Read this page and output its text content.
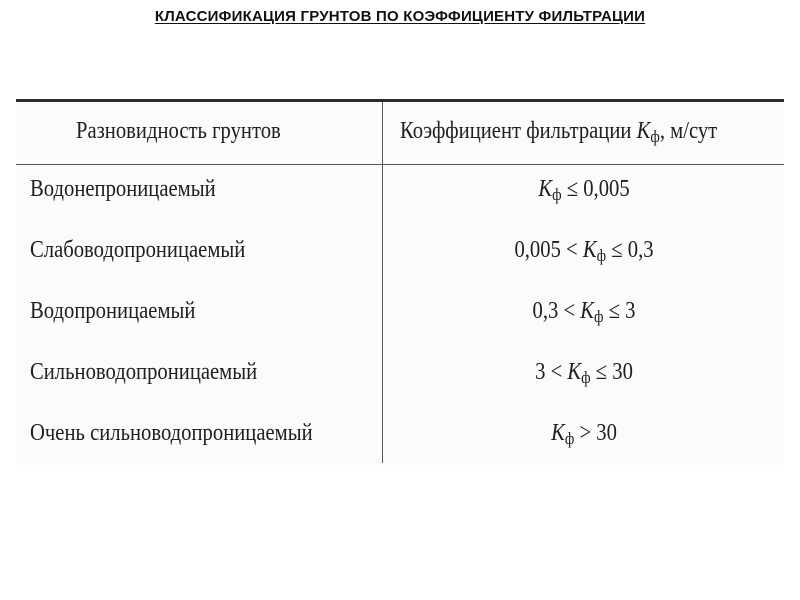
КЛАССИФИКАЦИЯ ГРУНТОВ ПО КОЭФФИЦИЕНТУ ФИЛЬТРАЦИИ
Разновидность грунтов	Коэффициент фильтрации $K_ф$, м/сут
Водонепроницаемый	$K_ф \le 0,005$
Слабоводопроницаемый	$0,005 < K_ф \le 0,3$
Водопроницаемый	$0,3 < K_ф \le 3$
Сильноводопроницаемый	$3 < K_ф \le 30$
Очень сильноводопроницаемый	$K_ф > 30$
